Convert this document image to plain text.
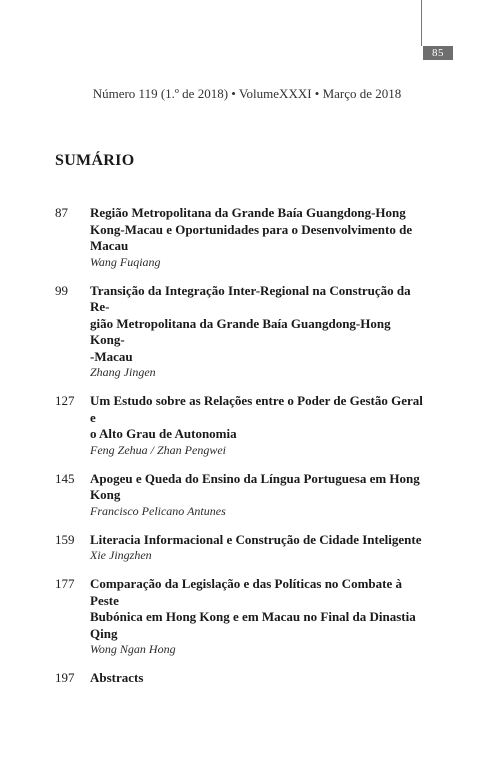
85
Número 119 (1.º de 2018) • VolumeXXXI • Março de 2018
SUMÁRIO
87	Região Metropolitana da Grande Baía Guangdong-Hong
Kong-Macau e Oportunidades para o Desenvolvimento de
Macau
Wang Fuqiang
99	Transição da Integração Inter-Regional na Construção da Re-
gião Metropolitana da Grande Baía Guangdong-Hong Kong-
-Macau
Zhang Jingen
127	Um Estudo sobre as Relações entre o Poder de Gestão Geral e
o Alto Grau de Autonomia
Feng Zehua / Zhan Pengwei
145	Apogeu e Queda do Ensino da Língua Portuguesa em Hong
Kong
Francisco Pelicano Antunes
159	Literacia Informacional e Construção de Cidade Inteligente
Xie Jingzhen
177	Comparação da Legislação e das Políticas no Combate à Peste
Bubónica em Hong Kong e em Macau no Final da Dinastia
Qing
Wong Ngan Hong
197	Abstracts
